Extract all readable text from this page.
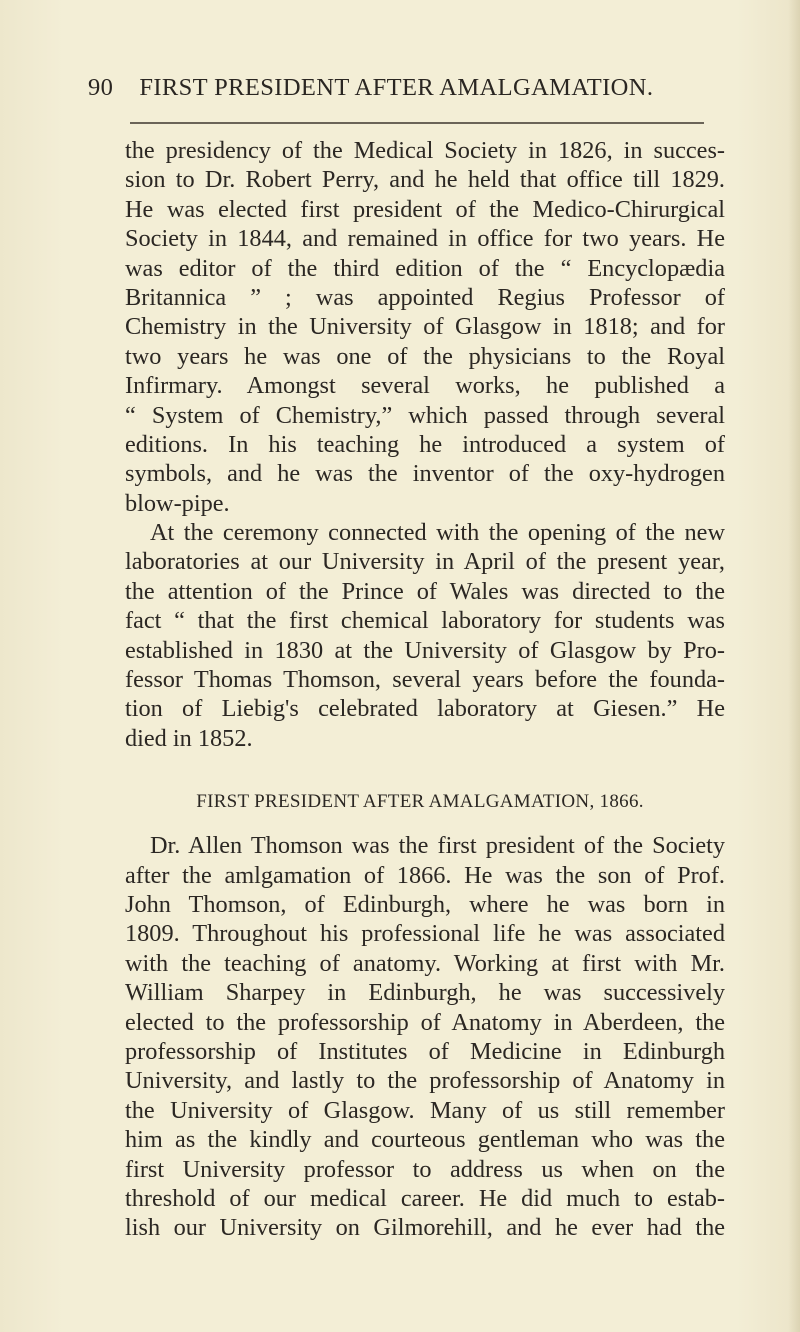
90 FIRST PRESIDENT AFTER AMALGAMATION.
the presidency of the Medical Society in 1826, in succes-
sion to Dr. Robert Perry, and he held that office till 1829.
He was elected first president of the Medico-Chirurgical
Society in 1844, and remained in office for two years. He
was editor of the third edition of the “ Encyclopædia
Britannica ” ; was appointed Regius Professor of
Chemistry in the University of Glasgow in 1818; and for
two years he was one of the physicians to the Royal
Infirmary. Amongst several works, he published a
“ System of Chemistry,” which passed through several
editions. In his teaching he introduced a system of
symbols, and he was the inventor of the oxy-hydrogen
blow-pipe.
At the ceremony connected with the opening of the new
laboratories at our University in April of the present year,
the attention of the Prince of Wales was directed to the
fact “ that the first chemical laboratory for students was
established in 1830 at the University of Glasgow by Pro-
fessor Thomas Thomson, several years before the founda-
tion of Liebig's celebrated laboratory at Giesen.” He
died in 1852.
FIRST PRESIDENT AFTER AMALGAMATION, 1866.
Dr. Allen Thomson was the first president of the Society
after the amlgamation of 1866. He was the son of Prof.
John Thomson, of Edinburgh, where he was born in
1809. Throughout his professional life he was associated
with the teaching of anatomy. Working at first with Mr.
William Sharpey in Edinburgh, he was successively
elected to the professorship of Anatomy in Aberdeen, the
professorship of Institutes of Medicine in Edinburgh
University, and lastly to the professorship of Anatomy in
the University of Glasgow. Many of us still remember
him as the kindly and courteous gentleman who was the
first University professor to address us when on the
threshold of our medical career. He did much to estab-
lish our University on Gilmorehill, and he ever had the
